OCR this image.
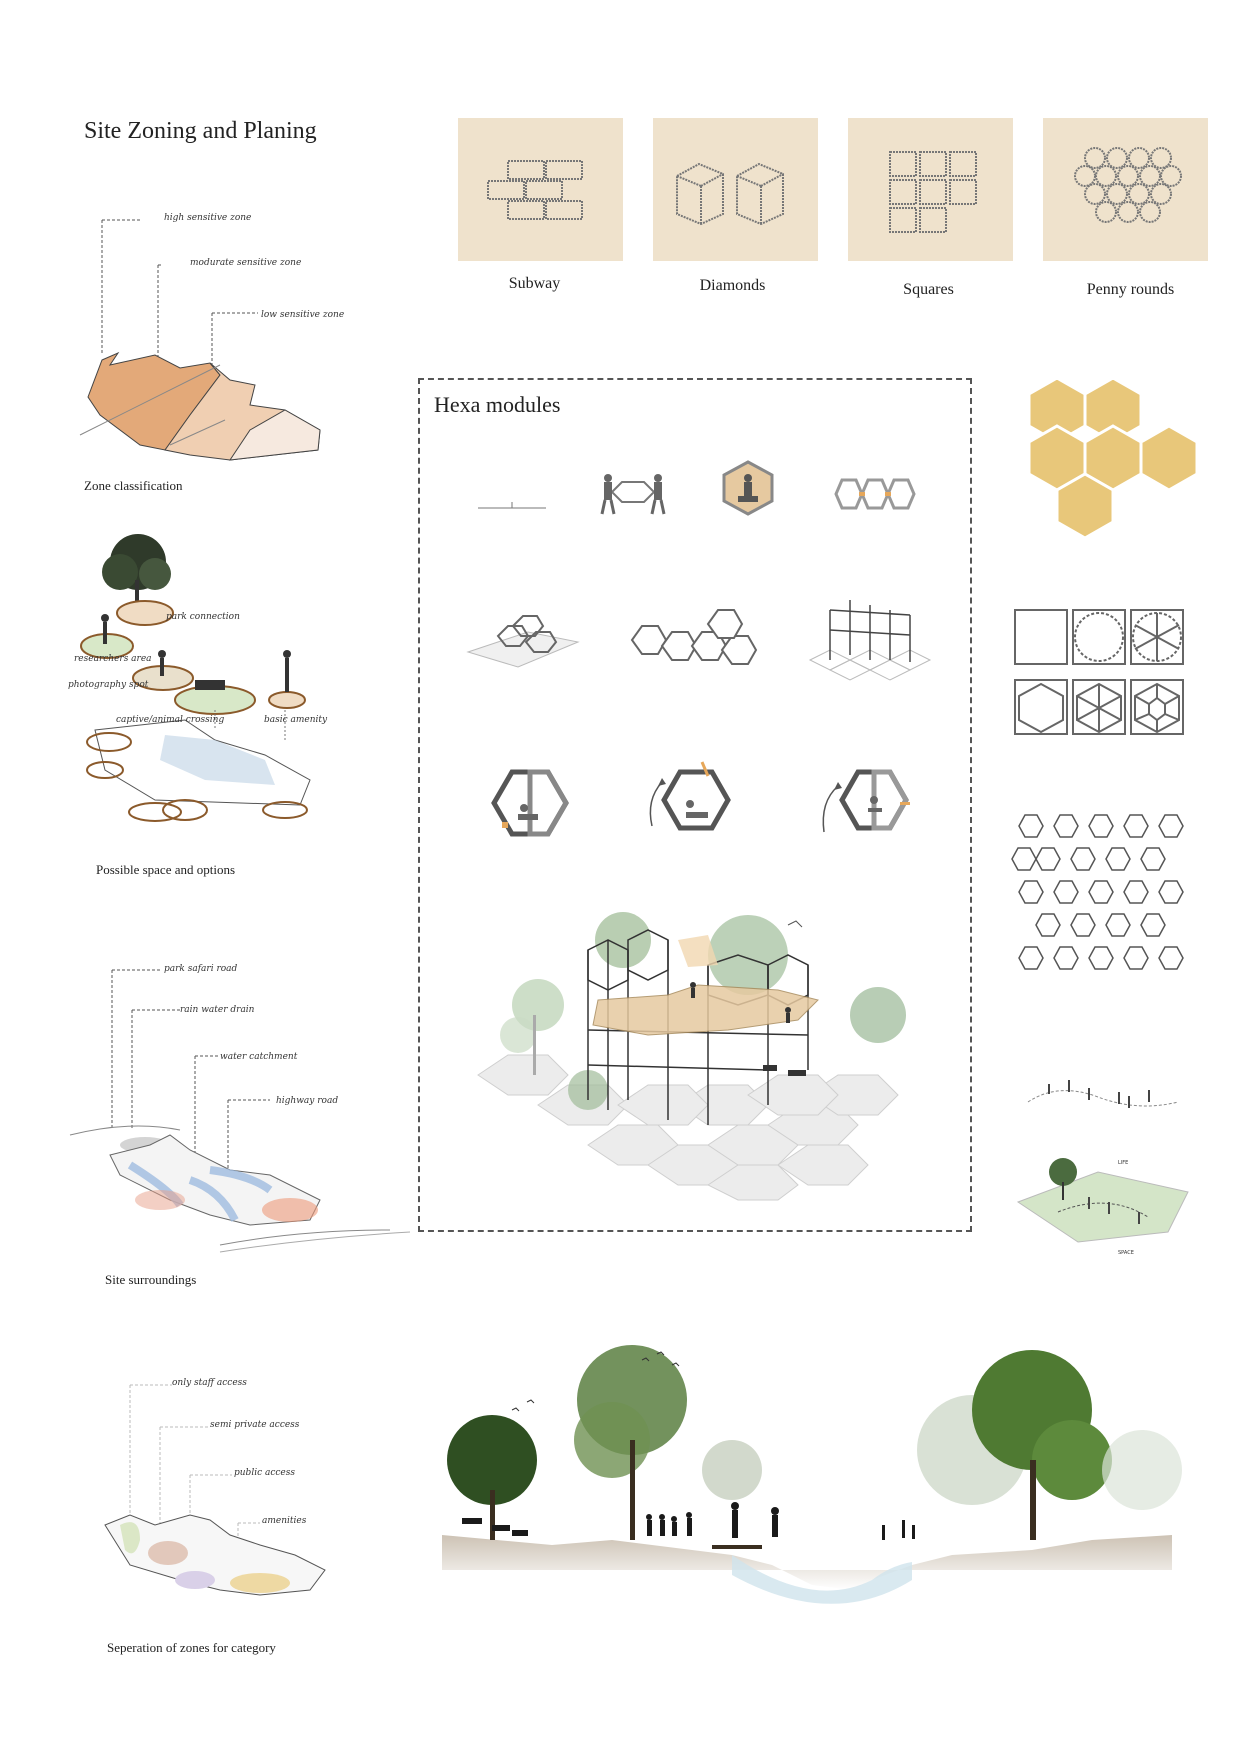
Site Zoning and Planing
high sensitive zone
modurate sensitive zone
low sensitive zone
Zone classification
park connection
researchers area
photography spot
captive/animal crossing	basic amenity
Possible space and options
park safari road
rain water drain
water catchment
highway road
Site surroundings
only staff access
semi private access
public access
amenities
Seperation of zones for category
Subway	Diamonds	Squares	Penny rounds
Hexa modules
LIFE
SPACE
